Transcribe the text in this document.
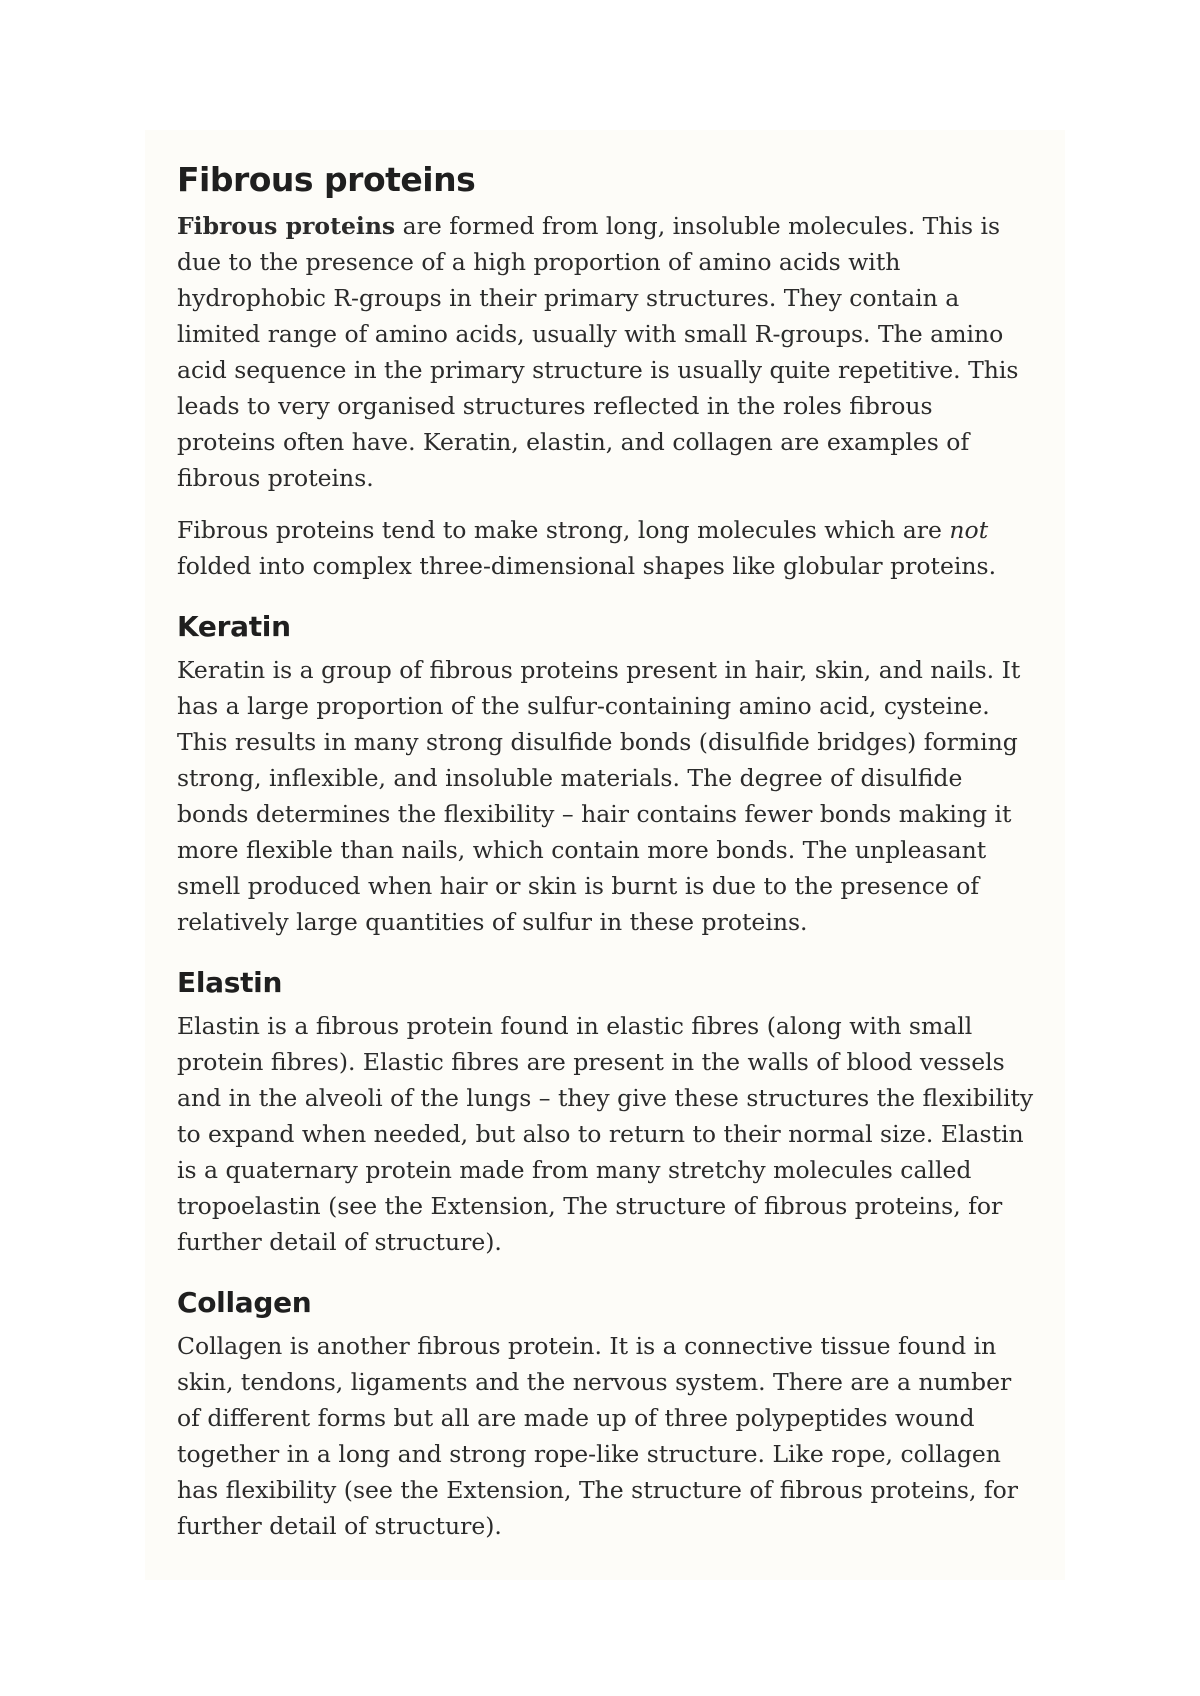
Fibrous proteins

Fibrous proteins are formed from long, insoluble molecules. This is due to the presence of a high proportion of amino acids with hydrophobic R-groups in their primary structures. They contain a limited range of amino acids, usually with small R-groups. The amino acid sequence in the primary structure is usually quite repetitive. This leads to very organised structures reflected in the roles fibrous proteins often have. Keratin, elastin, and collagen are examples of fibrous proteins.

Fibrous proteins tend to make strong, long molecules which are not folded into complex three-dimensional shapes like globular proteins.

Keratin

Keratin is a group of fibrous proteins present in hair, skin, and nails. It has a large proportion of the sulfur-containing amino acid, cysteine. This results in many strong disulfide bonds (disulfide bridges) forming strong, inflexible, and insoluble materials. The degree of disulfide bonds determines the flexibility – hair contains fewer bonds making it more flexible than nails, which contain more bonds. The unpleasant smell produced when hair or skin is burnt is due to the presence of relatively large quantities of sulfur in these proteins.

Elastin

Elastin is a fibrous protein found in elastic fibres (along with small protein fibres). Elastic fibres are present in the walls of blood vessels and in the alveoli of the lungs – they give these structures the flexibility to expand when needed, but also to return to their normal size. Elastin is a quaternary protein made from many stretchy molecules called tropoelastin (see the Extension, The structure of fibrous proteins, for further detail of structure).

Collagen

Collagen is another fibrous protein. It is a connective tissue found in skin, tendons, ligaments and the nervous system. There are a number of different forms but all are made up of three polypeptides wound together in a long and strong rope-like structure. Like rope, collagen has flexibility (see the Extension, The structure of fibrous proteins, for further detail of structure).
